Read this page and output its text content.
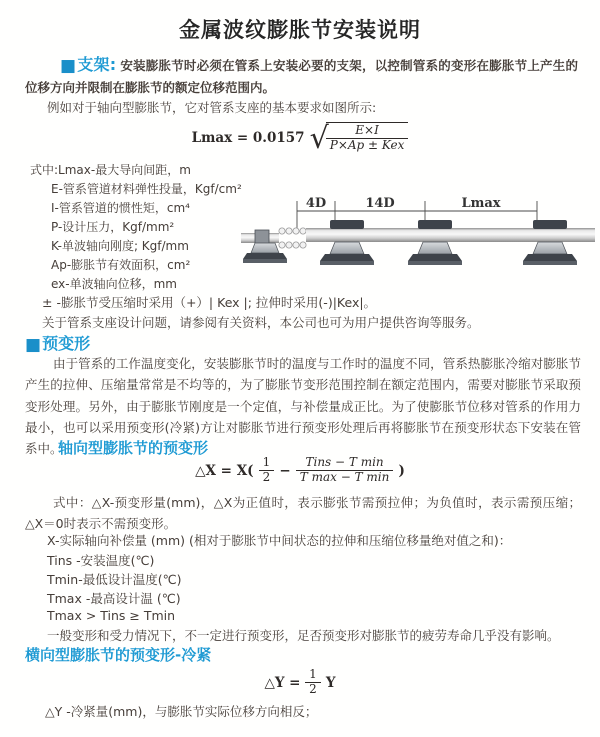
金属波纹膨胀节安装说明
■支架: 安装膨胀节时必须在管系上安装必要的支架，以控制管系的变形在膨胀节上产生的位移方向并限制在膨胀节的额定位移范围内。
例如对于轴向型膨胀节，它对管系支座的基本要求如图所示:
Lmax = 0.0157 √
$\frac{E\times I}{\text{P×Ap ± Kex}}$
式中:Lmax-最大导向间距，m
E-管系管道材料弹性投量，Kgf/cm²
I-管系管道的惯性矩，cm⁴
P-设计压力，Kgf/mm²
K-单波轴向刚度; Kgf/mm
Ap-膨胀节有效面积，cm²
ex-单波轴向位移，mm
± -膨胀节受压缩时采用（+）| Kex |; 拉伸时采用(-)|Kex|。
关于管系支座设计问题，请参阅有关资料，本公司也可为用户提供咨询等服务。
4D	14D	Lmax
■预变形
由于管系的工作温度变化，安装膨胀节时的温度与工作时的温度不同，管系热膨胀冷缩对膨胀节产生的拉伸、压缩量常常是不均等的，为了膨胀节变形范围控制在额定范围内，需要对膨胀节采取预变形处理。另外，由于膨胀节刚度是一个定值，与补偿量成正比。为了使膨胀节位移对管系的作用力最小，也可以采用预变形(冷紧)方让对膨胀节进行预变形处理后再将膨胀节在预变形状态下安装在管系中。
轴向型膨胀节的预变形
△X = $X( \frac{1}{2} - \frac{\text{Tins − T min}}{\text{T max − T min}}$ )
式中：△X-预变形量(mm)，△X为正值时，表示膨张节需预拉伸；为负值时，表示需预压缩；△X＝0时表示不需预变形。
X-实际轴向补偿量 (mm) (相对于膨胀节中间状态的拉伸和压缩位移量绝对值之和)：
Tins -安装温度(℃)
Tmin-最低设计温度(℃)
Tmax -最高设计温 (℃)
Tmax > Tins ≥ Tmin
一般变形和受力情况下，不一定进行预变形，足否预变形对膨胀节的疲劳寿命几乎没有影响。
横向型膨胀节的预变形-冷紧
△Y = $\frac{1}{2}$ Y
△Y -冷紧量(mm)，与膨胀节实际位移方向相反；
